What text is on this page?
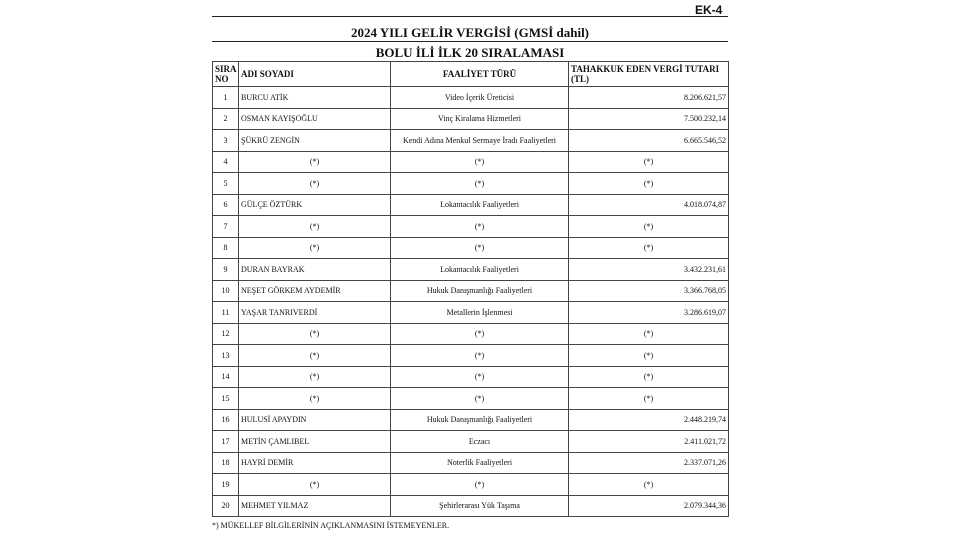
EK-4
2024 YILI GELİR VERGİSİ (GMSİ dahil)
BOLU İLİ İLK 20 SIRALAMASI
SIRA NO	ADI SOYADI	FAALİYET TÜRÜ	TAHAKKUK EDEN VERGİ TUTARI (TL)
1	BURCU ATİK	Video İçerik Üreticisi	8.206.621,57
2	OSMAN KAYIŞOĞLU	Vinç Kiralama Hizmetleri	7.500.232,14
3	ŞÜKRÜ ZENGİN	Kendi Adına Menkul Sermaye İradı Faaliyetleri	6.665.546,52
4	(*)	(*)	(*)
5	(*)	(*)	(*)
6	GÜLÇE ÖZTÜRK	Lokantacılık Faaliyetleri	4.018.074,87
7	(*)	(*)	(*)
8	(*)	(*)	(*)
9	DURAN BAYRAK	Lokantacılık Faaliyetleri	3.432.231,61
10	NEŞET GÖRKEM AYDEMİR	Hukuk Danışmanlığı Faaliyetleri	3.366.768,05
11	YAŞAR TANRIVERDİ	Metallerin İşlenmesi	3.286.619,07
12	(*)	(*)	(*)
13	(*)	(*)	(*)
14	(*)	(*)	(*)
15	(*)	(*)	(*)
16	HULUSİ APAYDIN	Hukuk Danışmanlığı Faaliyetleri	2.448.219,74
17	METİN ÇAMLIBEL	Eczacı	2.411.021,72
18	HAYRİ DEMİR	Noterlik Faaliyetleri	2.337.071,26
19	(*)	(*)	(*)
20	MEHMET YILMAZ	Şehirlerarası Yük Taşıma	2.079.344,36
*) MÜKELLEF BİLGİLERİNİN AÇIKLANMASINI İSTEMEYENLER.
